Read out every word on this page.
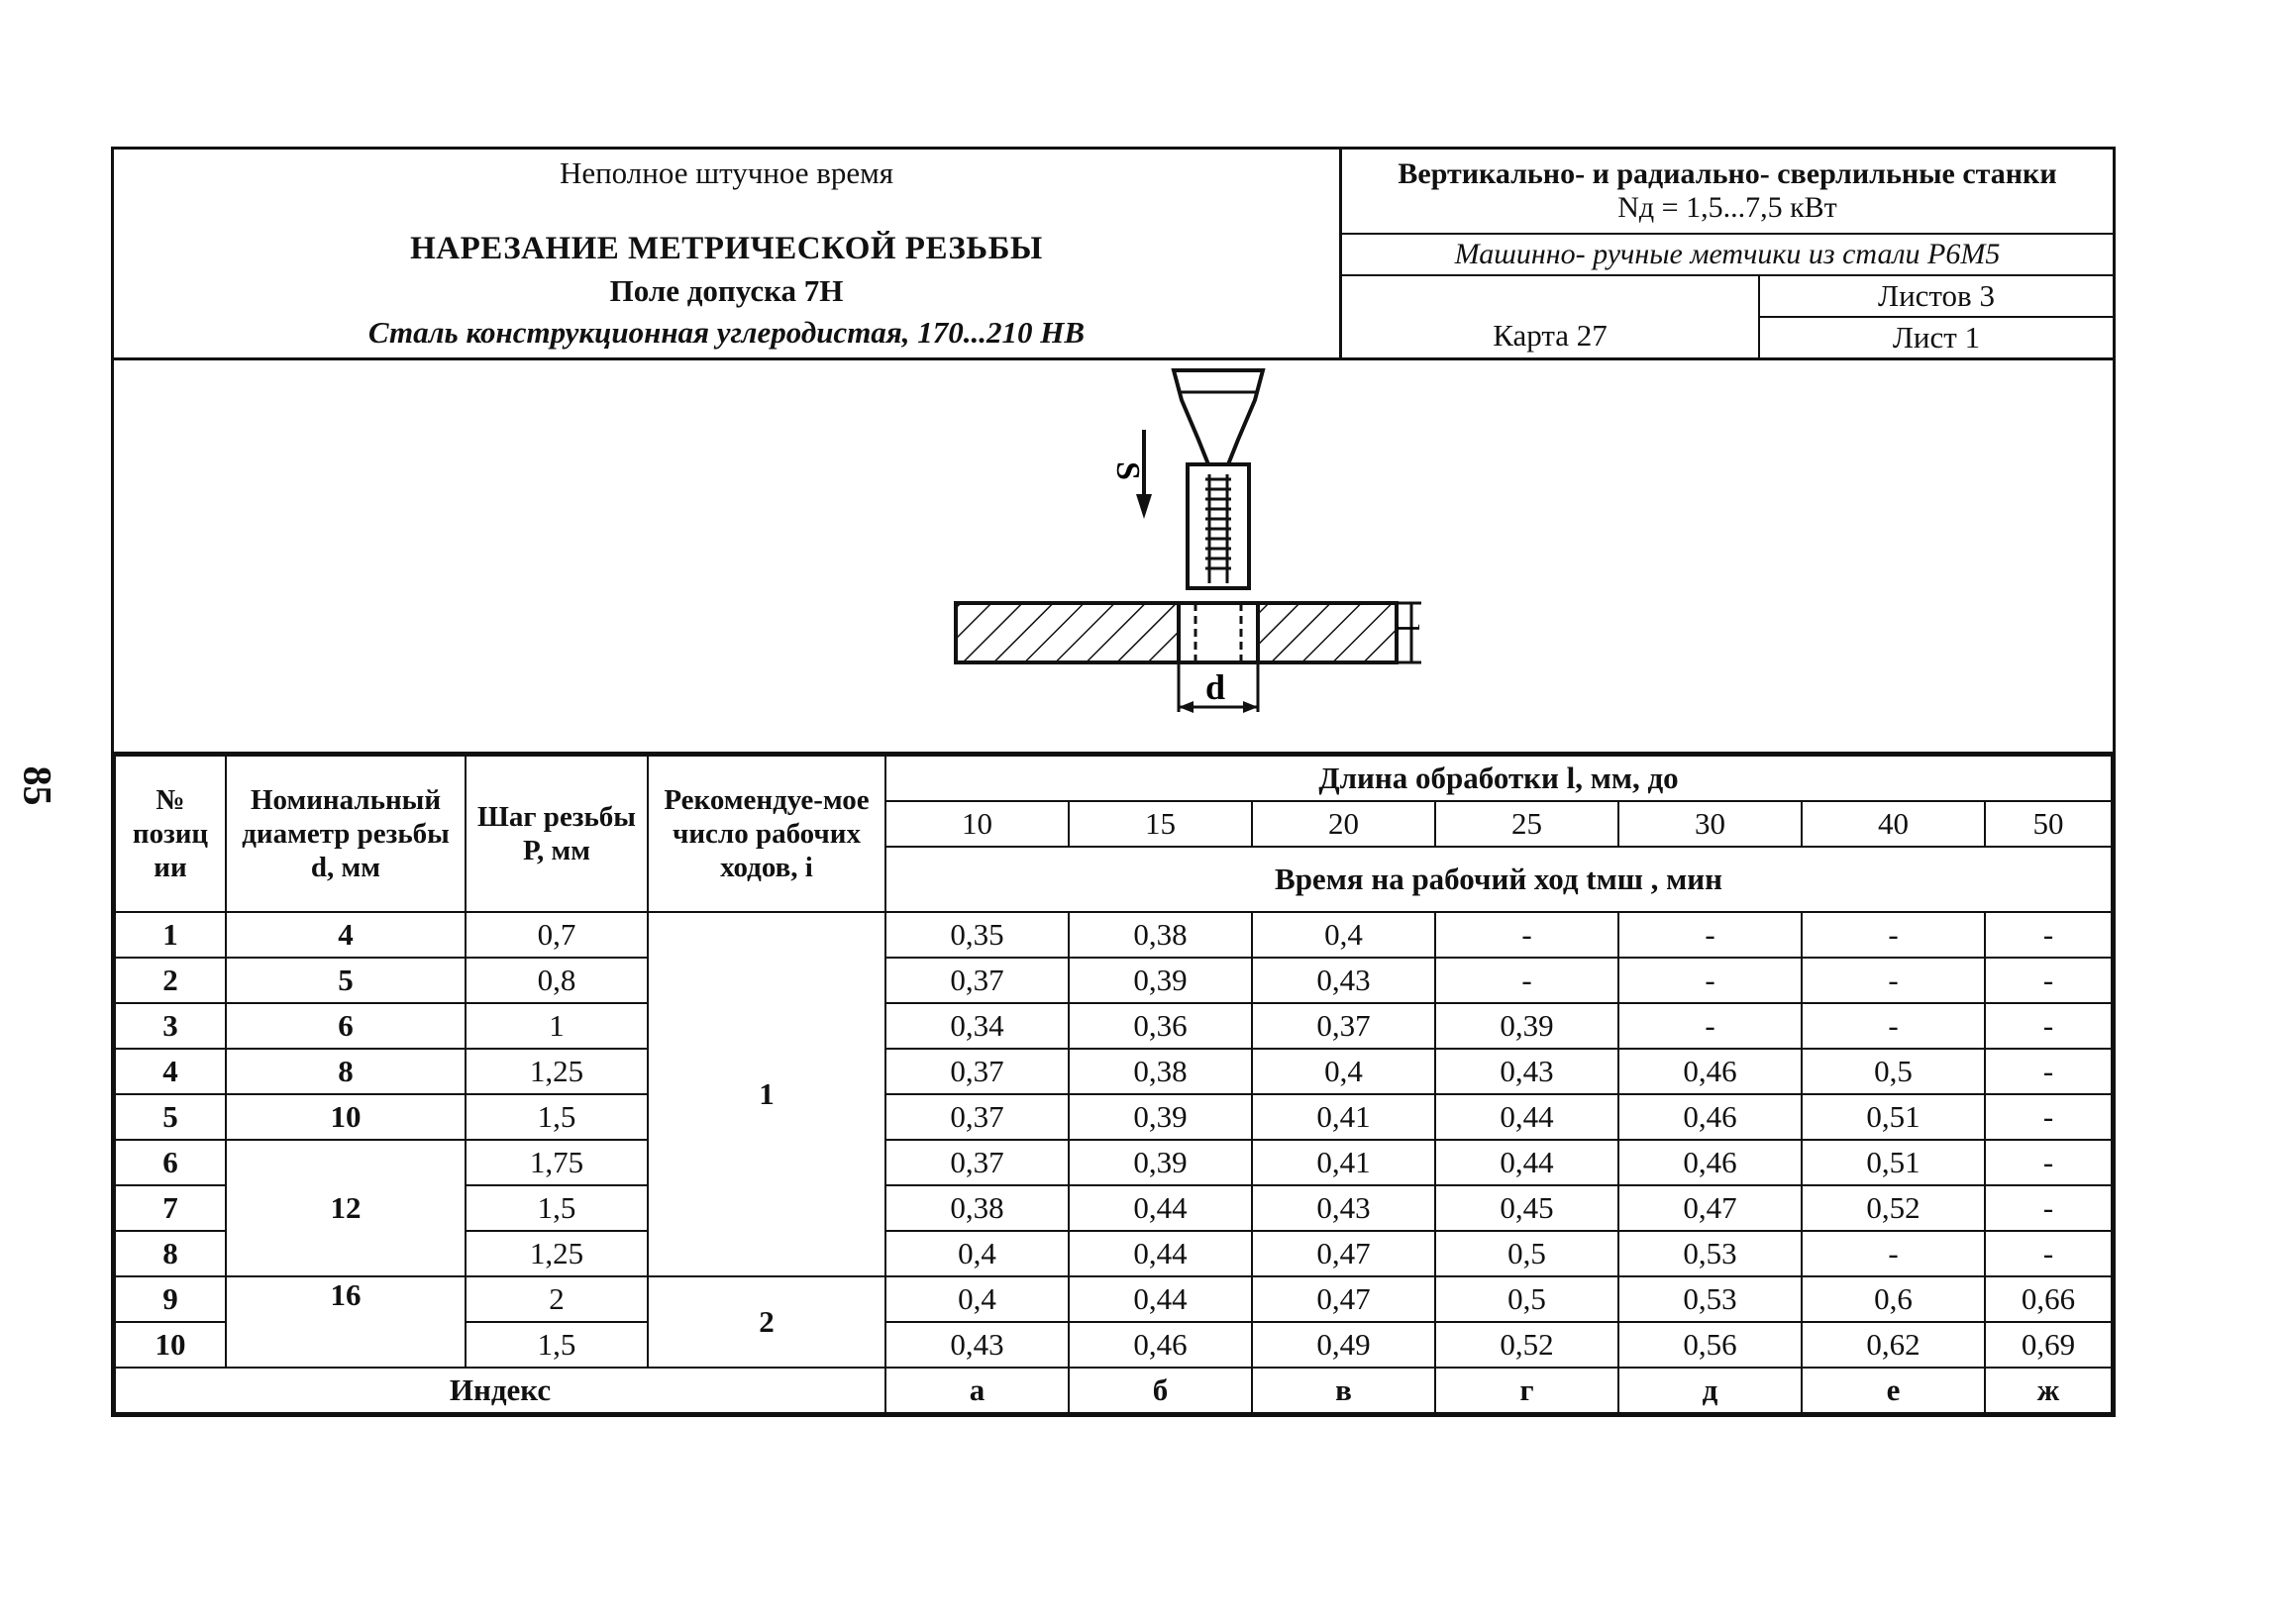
85
Неполное штучное время
НАРЕЗАНИЕ МЕТРИЧЕСКОЙ РЕЗЬБЫ
Поле допуска 7Н
Сталь конструкционная углеродистая, 170...210 НВ
Вертикально- и радиально- сверлильные станки
Nд = 1,5...7,5 кВт
Машинно- ручные метчики из стали Р6М5
Карта 27
Листов 3
Лист 1
S
l
d
№ позиц ии	Номинальный диаметр резьбы d, мм	Шаг резьбы Р, мм	Рекомендуе-мое число рабочих ходов, i	Длина обработки l, мм, до						
				10	15	20	25	30	40	50
				Время на рабочий ход tмш , мин						
1	4	0,7	1	0,35	0,38	0,4	-	-	-	-
2	5	0,8		0,37	0,39	0,43	-	-	-	-
3	6	1		0,34	0,36	0,37	0,39	-	-	-
4	8	1,25		0,37	0,38	0,4	0,43	0,46	0,5	-
5	10	1,5		0,37	0,39	0,41	0,44	0,46	0,51	-
6	12	1,75		0,37	0,39	0,41	0,44	0,46	0,51	-
7		1,5		0,38	0,44	0,43	0,45	0,47	0,52	-
8		1,25		0,4	0,44	0,47	0,5	0,53	-	-
9	16	2	2	0,4	0,44	0,47	0,5	0,53	0,6	0,66
10		1,5		0,43	0,46	0,49	0,52	0,56	0,62	0,69
Индекс				а	б	в	г	д	е	ж
